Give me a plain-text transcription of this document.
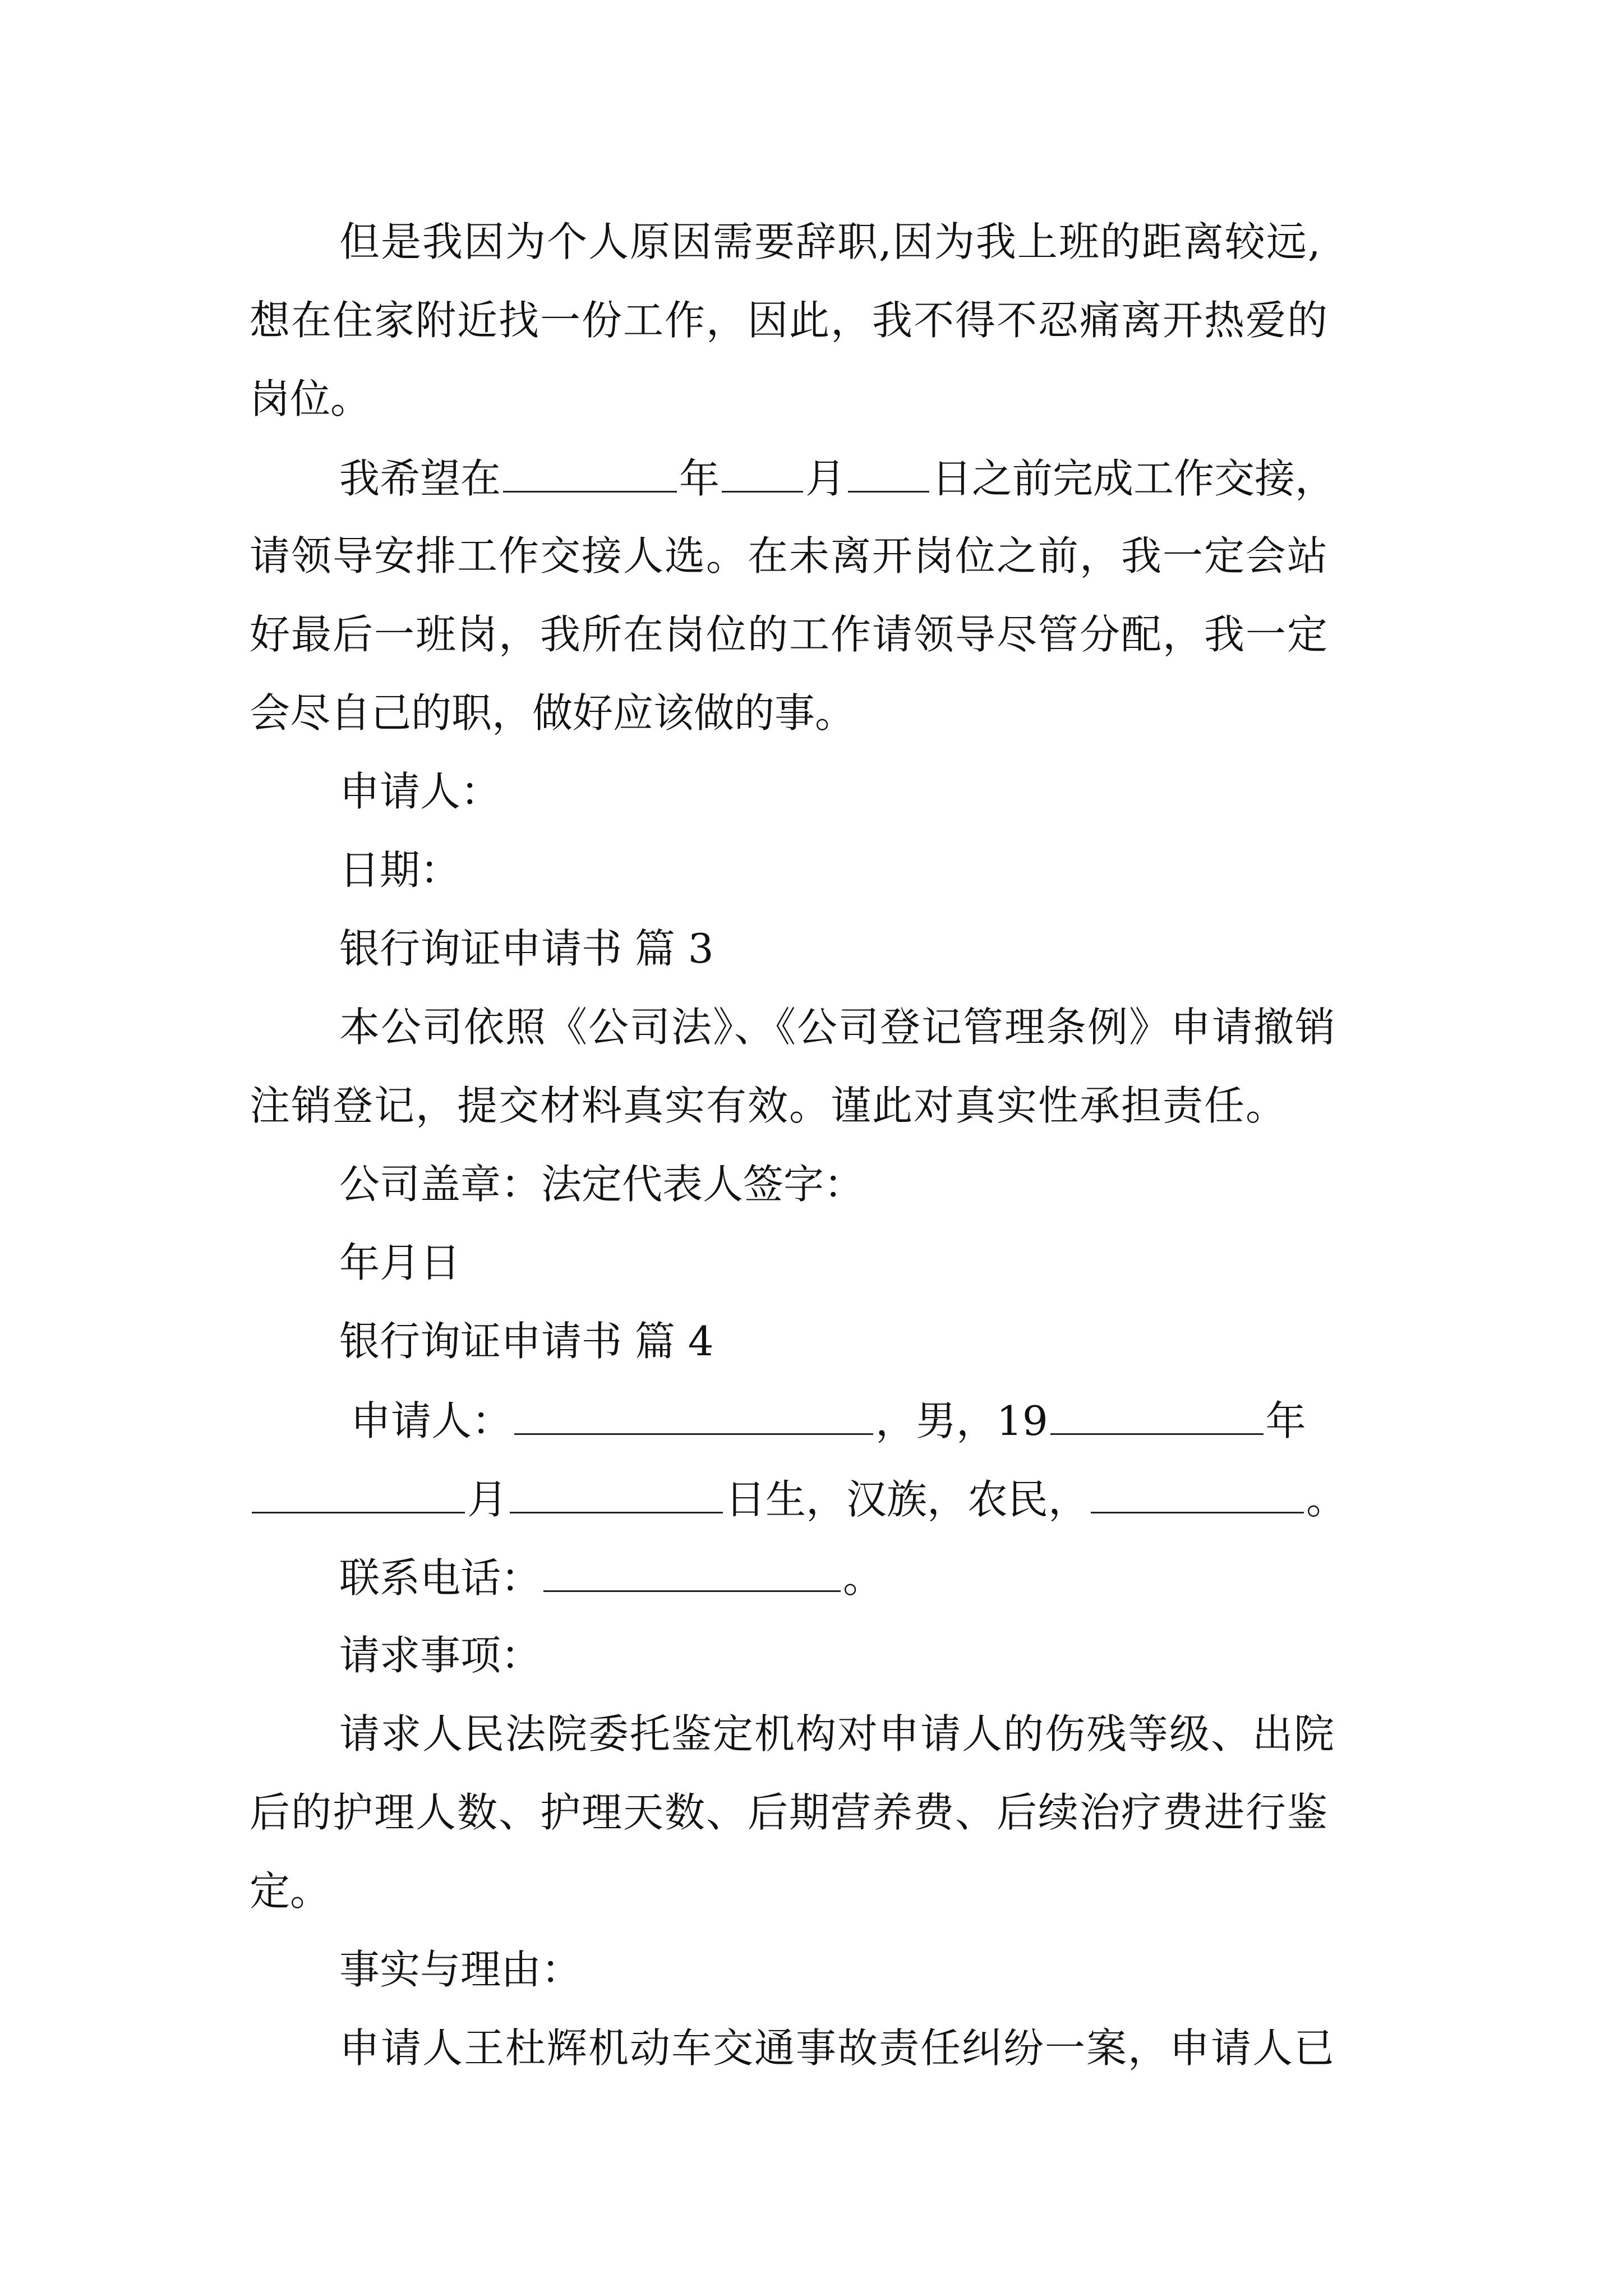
但是我因为个人原因需要辞职,因为我上班的距离较远,
想在住家附近找一份工作，因此，我不得不忍痛离开热爱的
岗位。
我希望在	年 月 日之前完成工作交接，
请领导安排工作交接人选。在未离开岗位之前，我一定会站
好最后一班岗，我所在岗位的工作请领导尽管分配，我一定
会尽自己的职，做好应该做的事。
申请人：
日期：
银行询证申请书 篇 3
本公司依照《公司法》、《公司登记管理条例》申请撤销
注销登记，提交材料真实有效。谨此对真实性承担责任。
公司盖章：法定代表人签字：
年月日
银行询证申请书 篇 4
申请人：	，男，19	年
月	日生，汉族，农民，	。
联系电话：	。
请求事项：
请求人民法院委托鉴定机构对申请人的伤残等级、出院
后的护理人数、护理天数、后期营养费、后续治疗费进行鉴
定。
事实与理由：
申请人王杜辉机动车交通事故责任纠纷一案，申请人已
